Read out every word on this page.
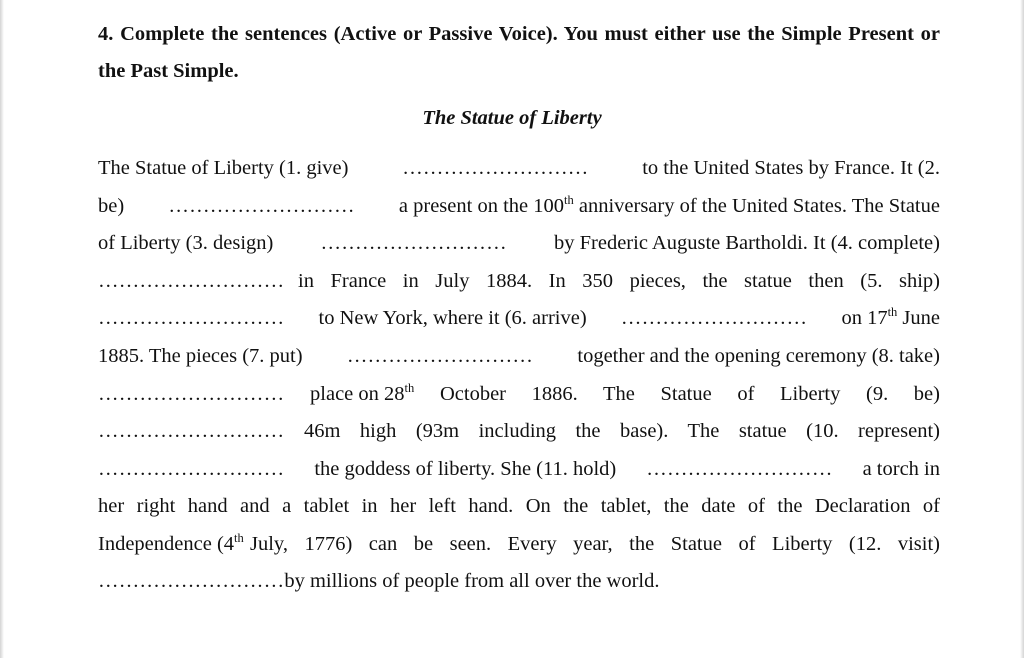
4. Complete the sentences (Active or Passive Voice). You must either use the Simple Present or the Past Simple.

The Statue of Liberty

The Statue of Liberty (1. give)	………………………	to the United States by France. It (2.
be) ……………………… a present on the 100th anniversary of the United States. The Statue
of Liberty (3. design) ……………………… by Frederic Auguste Bartholdi. It (4. complete)
……………………… in France in July 1884. In 350 pieces, the statue then (5. ship)
……………………… to New York, where it (6. arrive) ……………………… on 17th June
1885. The pieces (7. put) ……………………… together and the opening ceremony (8. take)
……………………… place on 28th October 1886. The Statue of Liberty (9. be)
……………………… 46m high (93m including the base). The statue (10. represent)
……………………… the goddess of liberty. She (11. hold) ……………………… a torch in
her right hand and a tablet in her left hand. On the tablet, the date of the Declaration of
Independence (4th July, 1776) can be seen. Every year, the Statue of Liberty (12. visit)
……………………… by millions of people from all over the world.
